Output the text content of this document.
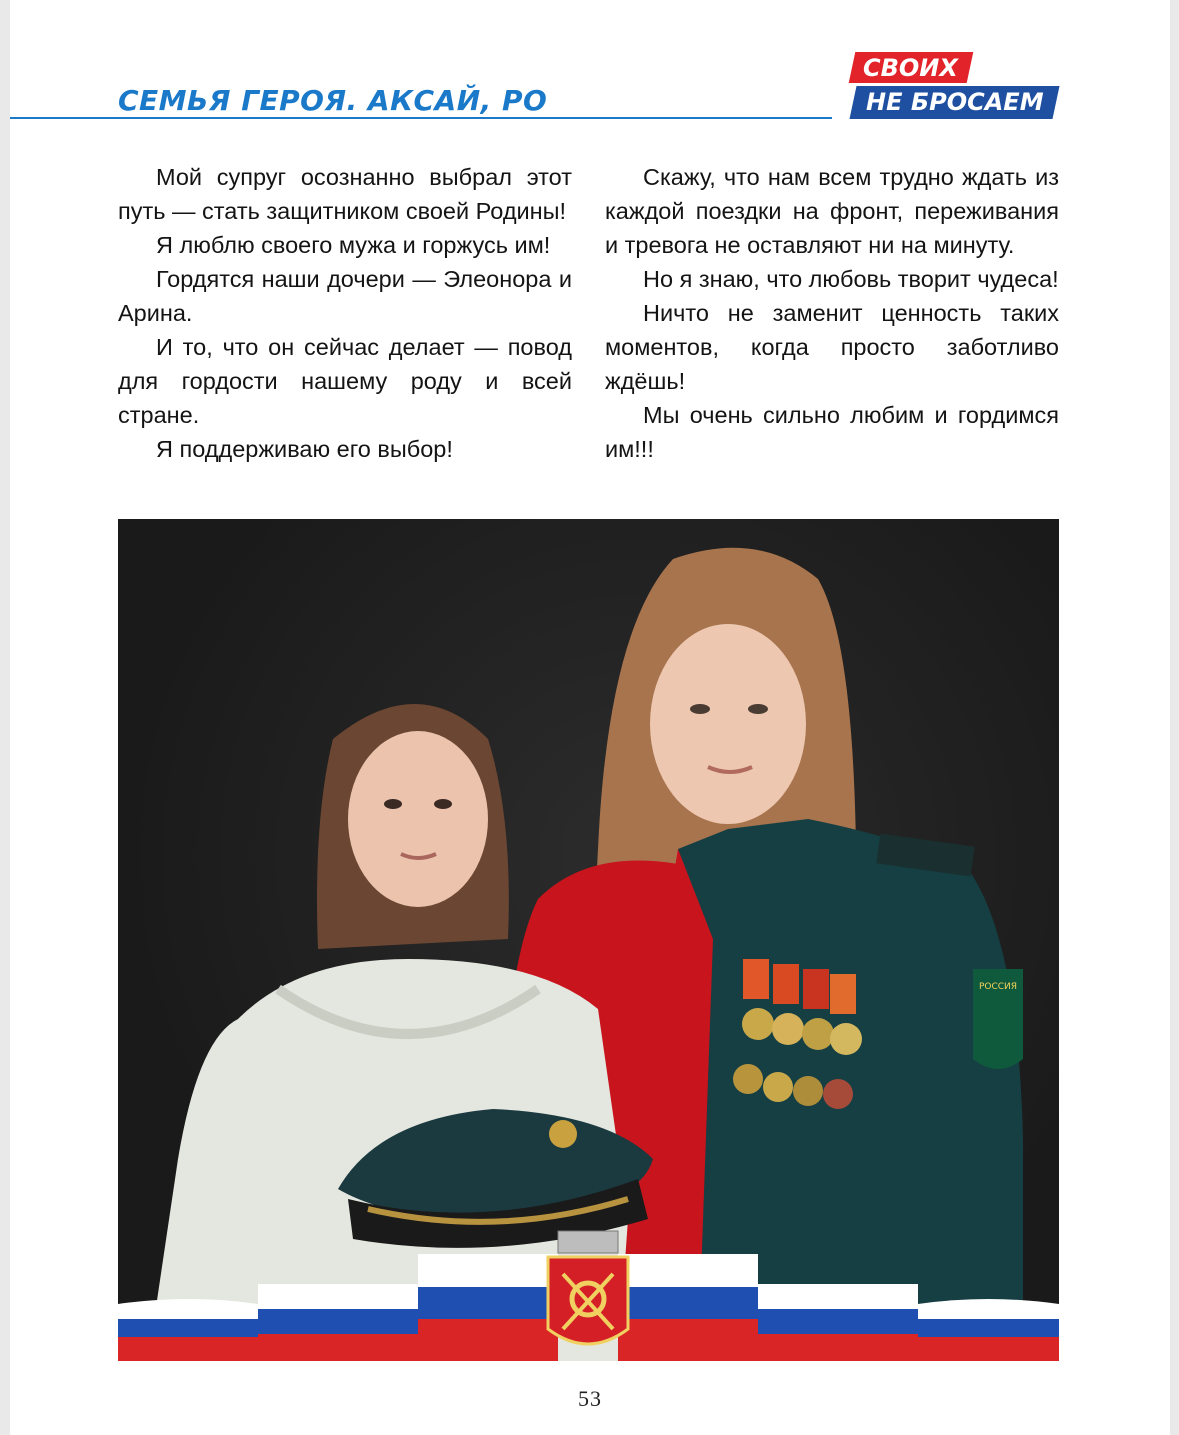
СЕМЬЯ ГЕРОЯ. АКСАЙ, РО
СВОИХ
НЕ БРОСАЕМ

Мой супруг осознанно выбрал этот путь — стать защитником своей Родины!

Я люблю своего мужа и горжусь им!

Гордятся наши дочери — Элеонора и Арина.

И то, что он сейчас делает — повод для гордости нашему роду и всей стране.

Я поддерживаю его выбор!

Скажу, что нам всем трудно ждать из каждой поездки на фронт, переживания и тревога не оставляют ни на минуту.

Но я знаю, что любовь творит чудеса!

Ничто не заменит ценность таких моментов, когда просто заботливо ждёшь!

Мы очень сильно любим и гордимся им!!!

РОССИЯ
53
